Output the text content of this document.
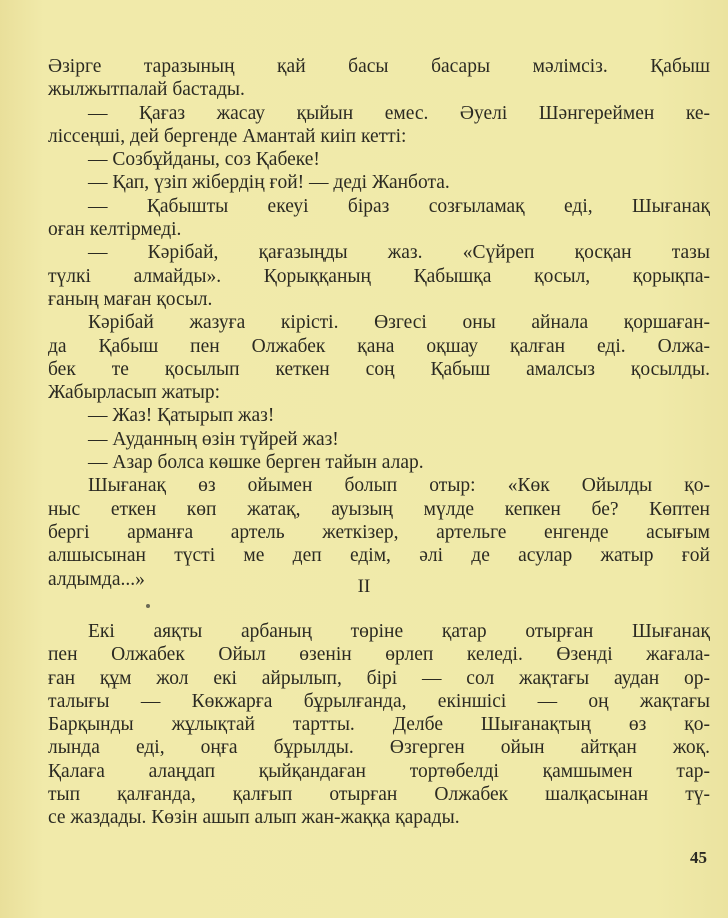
Әзірге таразының қай басы басары мәлімсіз. Қабыш
жылжытпалай бастады.
— Қағаз жасау қыйын емес. Әуелі Шәнгереймен ке-
ліссеңші, дей бергенде Амантай киіп кетті:
— Созбұйданы, соз Қабеке!
— Қап, үзіп жібердің ғой! — деді Жанбота.
— Қабышты екеуі біраз созғыламақ еді, Шығанақ
оған келтірмеді.
— Кәрібай, қағазыңды жаз. «Сүйреп қосқан тазы
түлкі алмайды». Қорыққаның Қабышқа қосыл, қорықпа-
ғаның маған қосыл.
Кәрібай жазуға кірісті. Өзгесі оны айнала қоршаған-
да Қабыш пен Олжабек қана оқшау қалған еді. Олжа-
бек те қосылып кеткен соң Қабыш амалсыз қосылды.
Жабырласып жатыр:
— Жаз! Қатырып жаз!
— Ауданның өзін түйрей жаз!
— Азар болса көшке берген тайын алар.
Шығанақ өз ойымен болып отыр: «Көк Ойылды қо-
ныс еткен көп жатақ, ауызың мүлде кепкен бе? Көптен
бергі арманға артель жеткізер, артельге енгенде асығым
алшысынан түсті ме деп едім, әлі де асулар жатыр ғой
алдымда...»	II
Екі аяқты арбаның төріне қатар отырған Шығанақ
пен Олжабек Ойыл өзенін өрлеп келеді. Өзенді жағала-
ған құм жол екі айрылып, бірі — сол жақтағы аудан ор-
талығы — Көкжарға бұрылғанда, екіншісі — оң жақтағы
Барқынды жұлықтай тартты. Делбе Шығанақтың өз қо-
лында еді, оңға бұрылды. Өзгерген ойын айтқан жоқ.
Қалаға алаңдап қыйқандаған тортөбелді қамшымен тар-
тып қалғанда, қалғып отырған Олжабек шалқасынан тү-
се жаздады. Көзін ашып алып жан-жаққа қарады.
45
